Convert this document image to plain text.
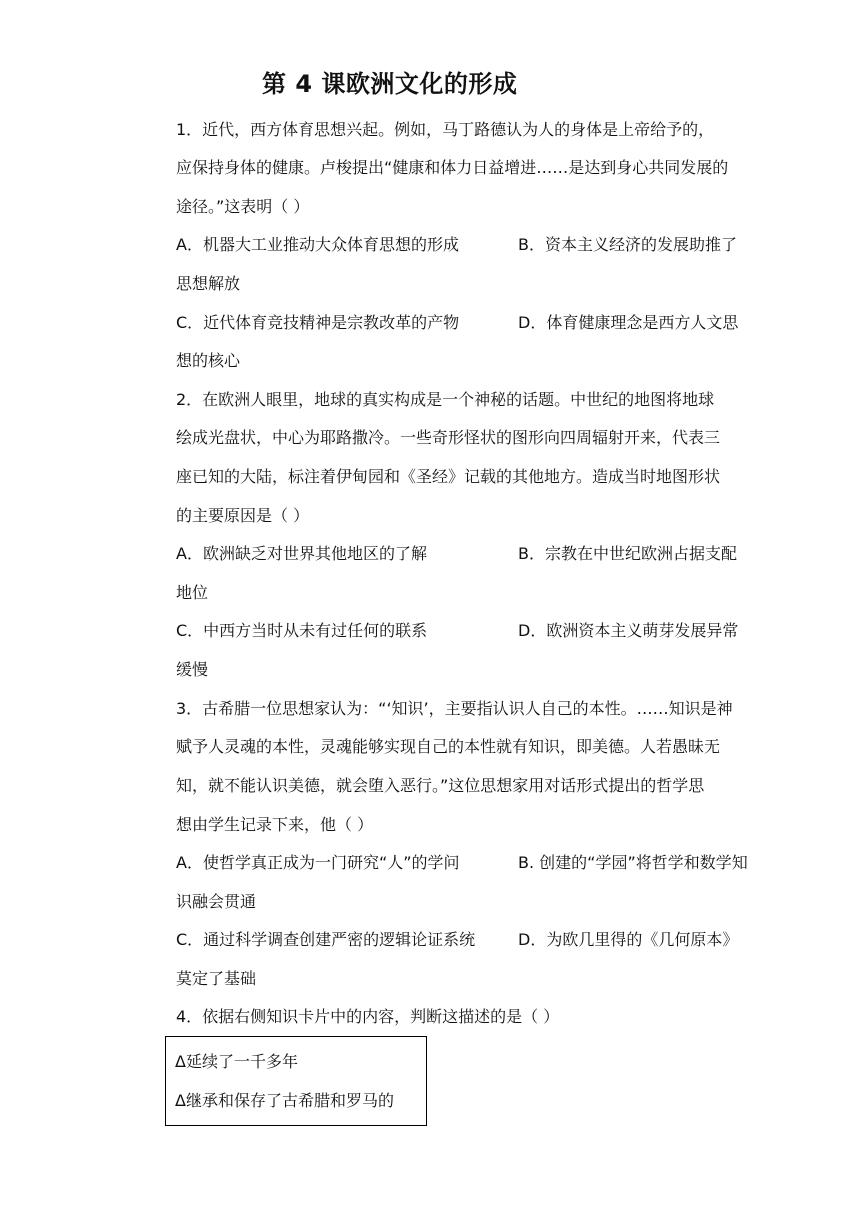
第 4 课欧洲文化的形成
1．近代，西方体育思想兴起。例如，马丁路德认为人的身体是上帝给予的，
应保持身体的健康。卢梭提出“健康和体力日益增进……是达到身心共同发展的
途径。”这表明（ ）
A．机器大工业推动大众体育思想的形成	B．资本主义经济的发展助推了
思想解放
C．近代体育竞技精神是宗教改革的产物	D．体育健康理念是西方人文思
想的核心
2．在欧洲人眼里，地球的真实构成是一个神秘的话题。中世纪的地图将地球
绘成光盘状，中心为耶路撒冷。一些奇形怪状的图形向四周辐射开来，代表三
座已知的大陆，标注着伊甸园和《圣经》记载的其他地方。造成当时地图形状
的主要原因是（ ）
A．欧洲缺乏对世界其他地区的了解	B．宗教在中世纪欧洲占据支配
地位
C．中西方当时从未有过任何的联系	D．欧洲资本主义萌芽发展异常
缓慢
3．古希腊一位思想家认为：“‘知识’，主要指认识人自己的本性。……知识是神
赋予人灵魂的本性，灵魂能够实现自己的本性就有知识，即美德。人若愚昧无
知，就不能认识美德，就会堕入恶行。”这位思想家用对话形式提出的哲学思
想由学生记录下来，他（ ）
A．使哲学真正成为一门研究“人”的学问	B. 创建的“学园”将哲学和数学知
识融会贯通
C．通过科学调查创建严密的逻辑论证系统	D．为欧几里得的《几何原本》
莫定了基础
4．依据右侧知识卡片中的内容，判断这描述的是（ ）
Δ延续了一千多年
Δ继承和保存了古希腊和罗马的
